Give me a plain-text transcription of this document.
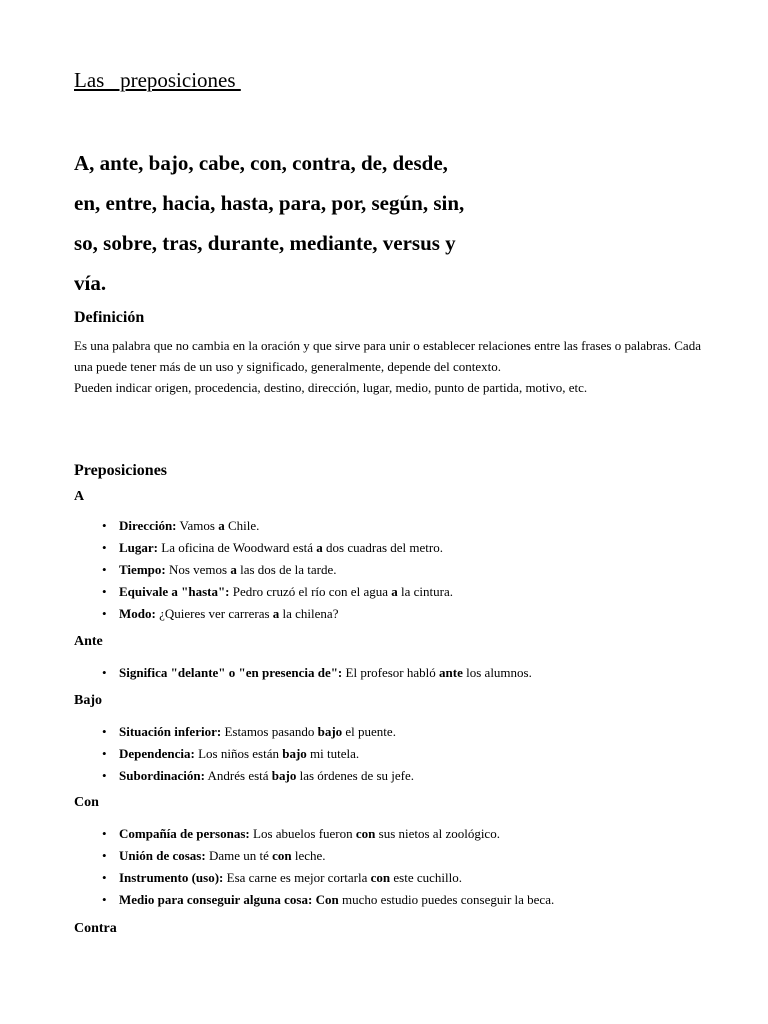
Las   preposiciones

A, ante, bajo, cabe, con, contra, de, desde,
en, entre, hacia, hasta, para, por, según, sin,
so, sobre, tras, durante, mediante, versus y
vía.

Definición

Es una palabra que no cambia en la oración y que sirve para unir o establecer relaciones entre las frases o palabras. Cada una puede tener más de un uso y significado, generalmente, depende del contexto.

Pueden indicar origen, procedencia, destino, dirección, lugar, medio, punto de partida, motivo, etc.

Preposiciones
A
• Dirección: Vamos a Chile.
• Lugar: La oficina de Woodward está a dos cuadras del metro.
• Tiempo: Nos vemos a las dos de la tarde.
• Equivale a "hasta": Pedro cruzó el río con el agua a la cintura.
• Modo: ¿Quieres ver carreras a la chilena?
Ante
• Significa "delante" o "en presencia de": El profesor habló ante los alumnos.
Bajo
• Situación inferior: Estamos pasando bajo el puente.
• Dependencia: Los niños están bajo mi tutela.
• Subordinación: Andrés está bajo las órdenes de su jefe.
Con
• Compañía de personas: Los abuelos fueron con sus nietos al zoológico.
• Unión de cosas: Dame un té con leche.
• Instrumento (uso): Esa carne es mejor cortarla con este cuchillo.
• Medio para conseguir alguna cosa: Con mucho estudio puedes conseguir la beca.
Contra
